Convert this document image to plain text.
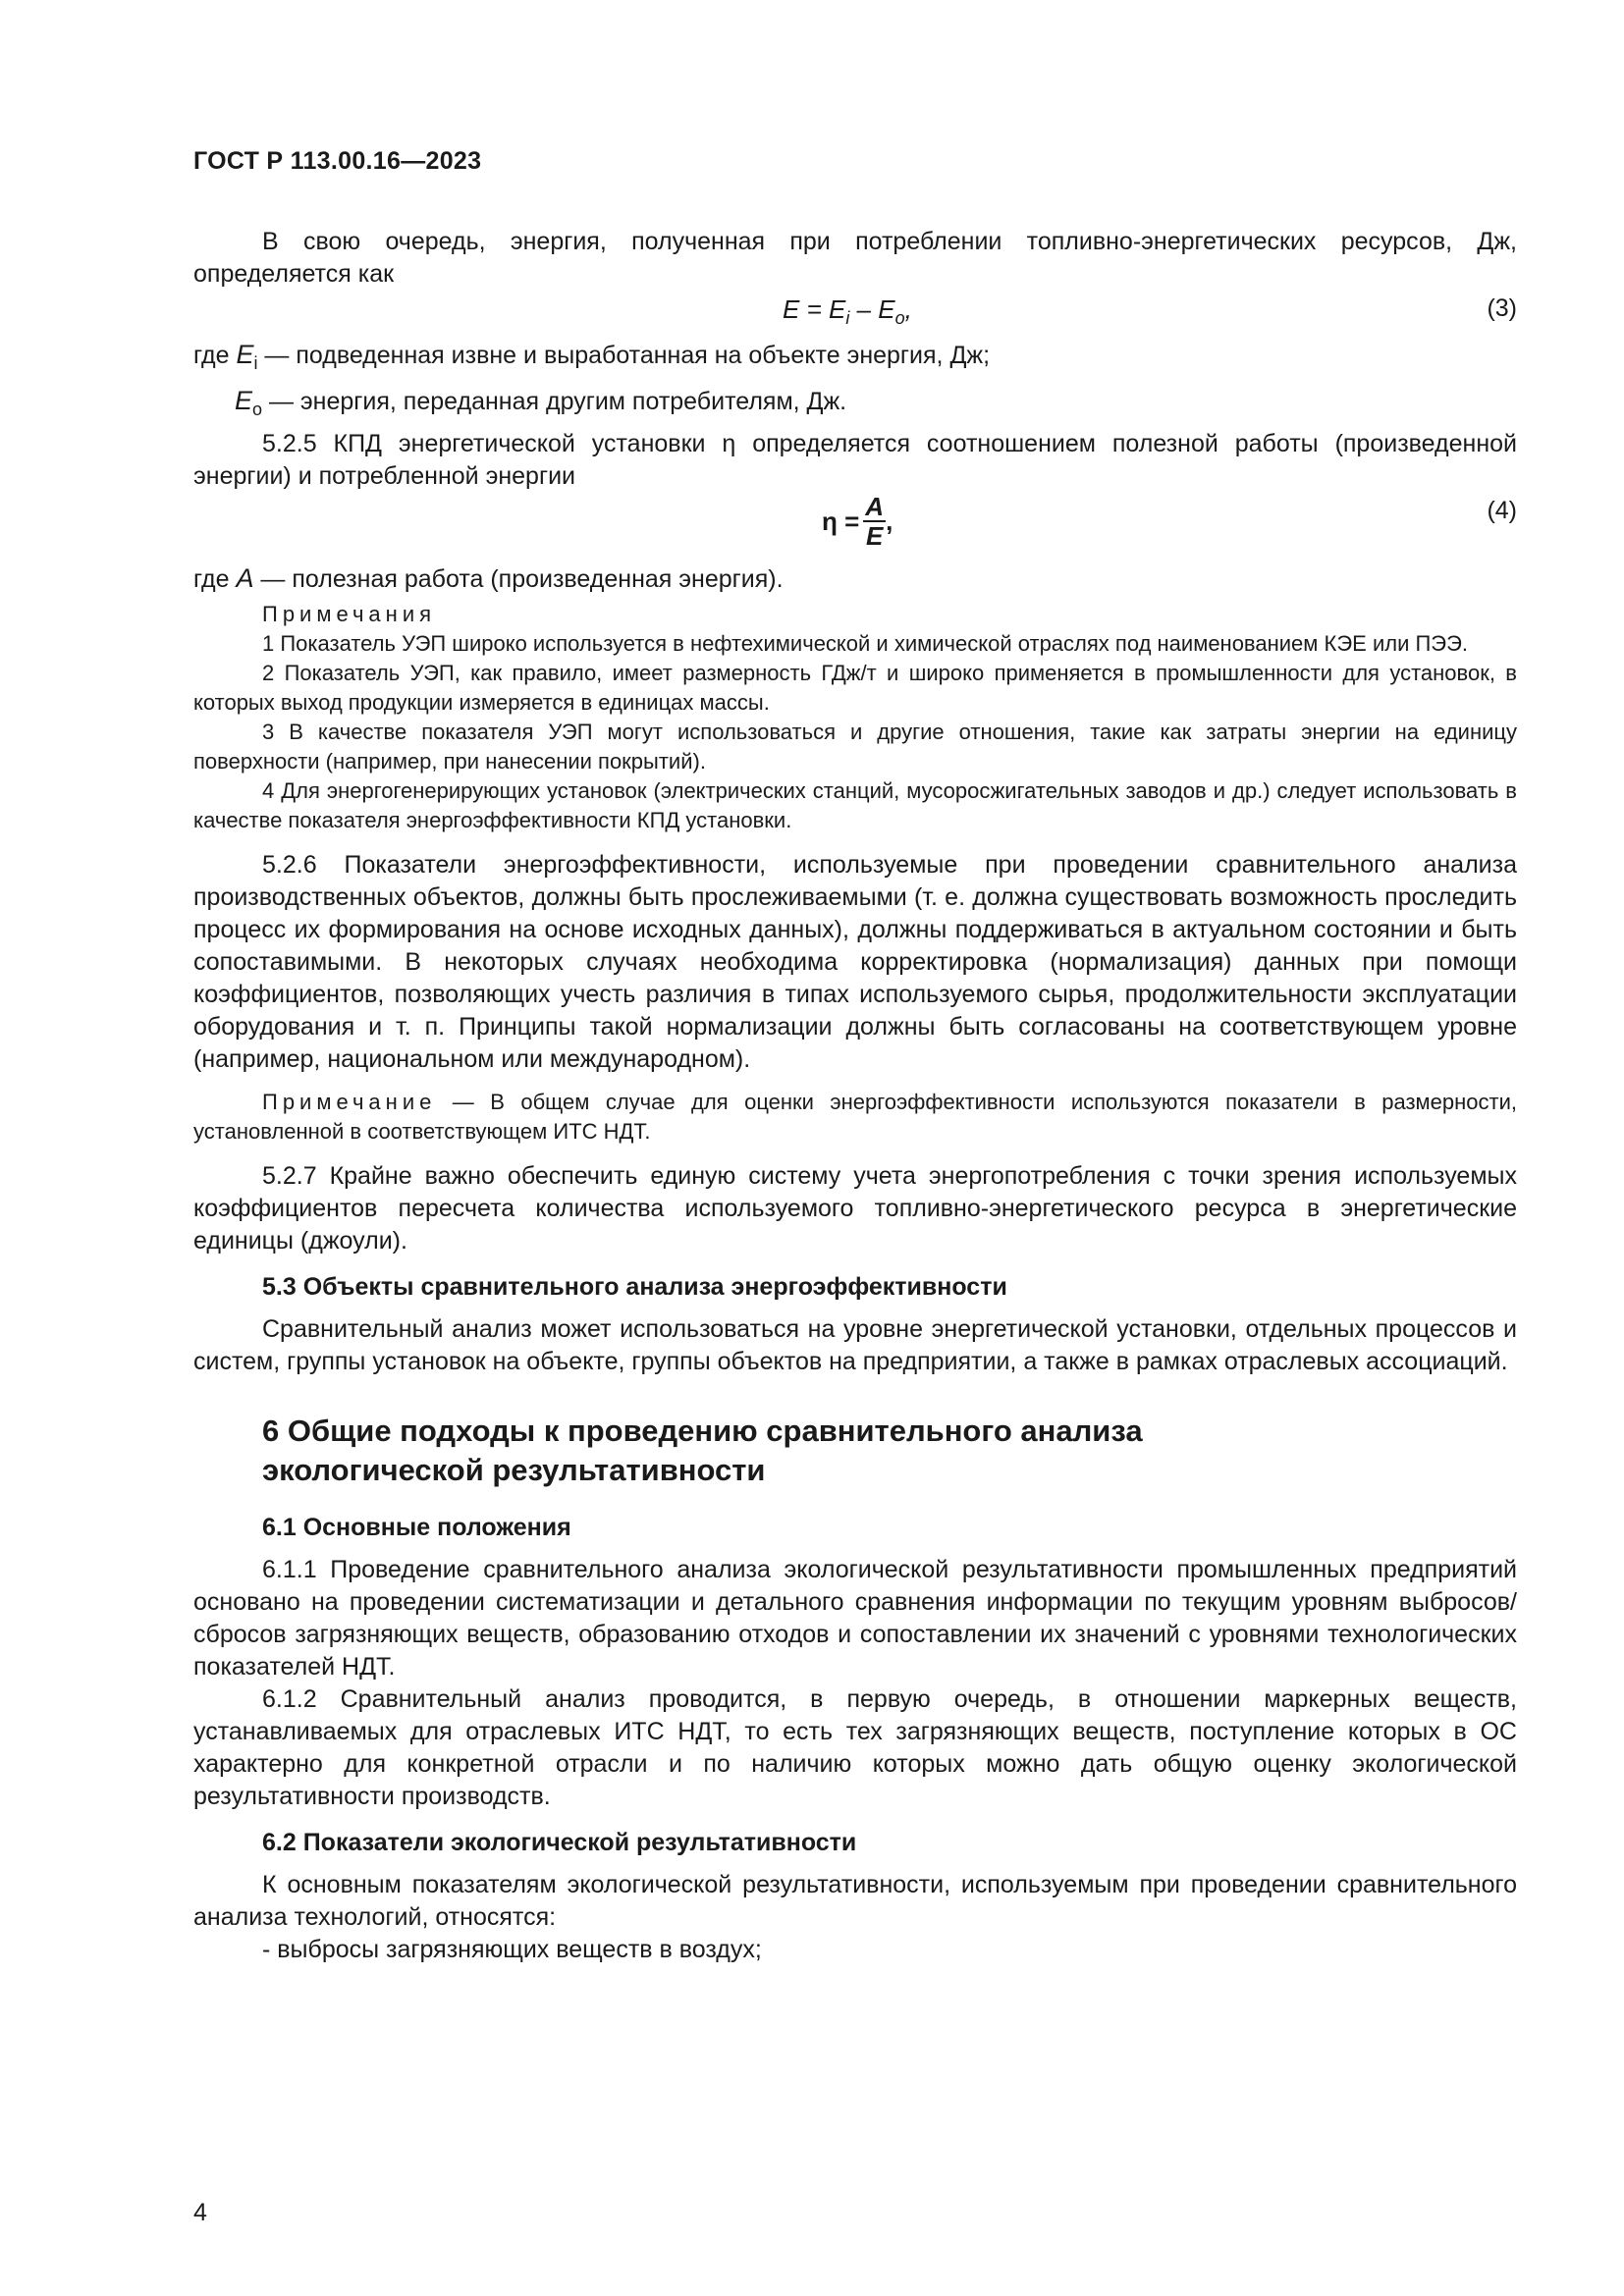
ГОСТ Р 113.00.16—2023

В свою очередь, энергия, полученная при потреблении топливно-энергетических ресурсов, Дж, определяется как

$E = E_i - E_o$,	(3)
где $E_i$ — подведенная извне и выработанная на объекте энергия, Дж;
$E_o$ — энергия, переданная другим потребителям, Дж.

5.2.5 КПД энергетической установки η определяется соотношением полезной работы (произведенной энергии) и потребленной энергии

$\eta = \frac{A}{E}$ ,	(4)
где A — полезная работа (произведенная энергия).
Примечания

1 Показатель УЭП широко используется в нефтехимической и химической отраслях под наименованием КЭЕ или ПЭЭ.

2 Показатель УЭП, как правило, имеет размерность ГДж/т и широко применяется в промышленности для установок, в которых выход продукции измеряется в единицах массы.

3 В качестве показателя УЭП могут использоваться и другие отношения, такие как затраты энергии на единицу поверхности (например, при нанесении покрытий).

4 Для энергогенерирующих установок (электрических станций, мусоросжигательных заводов и др.) следует использовать в качестве показателя энергоэффективности КПД установки.

5.2.6 Показатели энергоэффективности, используемые при проведении сравнительного анализа производственных объектов, должны быть прослеживаемыми (т. е. должна существовать возможность проследить процесс их формирования на основе исходных данных), должны поддерживаться в актуальном состоянии и быть сопоставимыми. В некоторых случаях необходима корректировка (нормализация) данных при помощи коэффициентов, позволяющих учесть различия в типах используемого сырья, продолжительности эксплуатации оборудования и т. п. Принципы такой нормализации должны быть согласованы на соответствующем уровне (например, национальном или международном).

Примечание — В общем случае для оценки энергоэффективности используются показатели в размерности, установленной в соответствующем ИТС НДТ.

5.2.7 Крайне важно обеспечить единую систему учета энергопотребления с точки зрения используемых коэффициентов пересчета количества используемого топливно-энергетического ресурса в энергетические единицы (джоули).

5.3 Объекты сравнительного анализа энергоэффективности

Сравнительный анализ может использоваться на уровне энергетической установки, отдельных процессов и систем, группы установок на объекте, группы объектов на предприятии, а также в рамках отраслевых ассоциаций.

6 Общие подходы к проведению сравнительного анализа
экологической результативности
6.1 Основные положения

6.1.1 Проведение сравнительного анализа экологической результативности промышленных предприятий основано на проведении систематизации и детального сравнения информации по текущим уровням выбросов/сбросов загрязняющих веществ, образованию отходов и сопоставлении их значений с уровнями технологических показателей НДТ.

6.1.2 Сравнительный анализ проводится, в первую очередь, в отношении маркерных веществ, устанавливаемых для отраслевых ИТС НДТ, то есть тех загрязняющих веществ, поступление которых в ОС характерно для конкретной отрасли и по наличию которых можно дать общую оценку экологической результативности производств.

6.2 Показатели экологической результативности

К основным показателям экологической результативности, используемым при проведении сравнительного анализа технологий, относятся:

- выбросы загрязняющих веществ в воздух;

4
